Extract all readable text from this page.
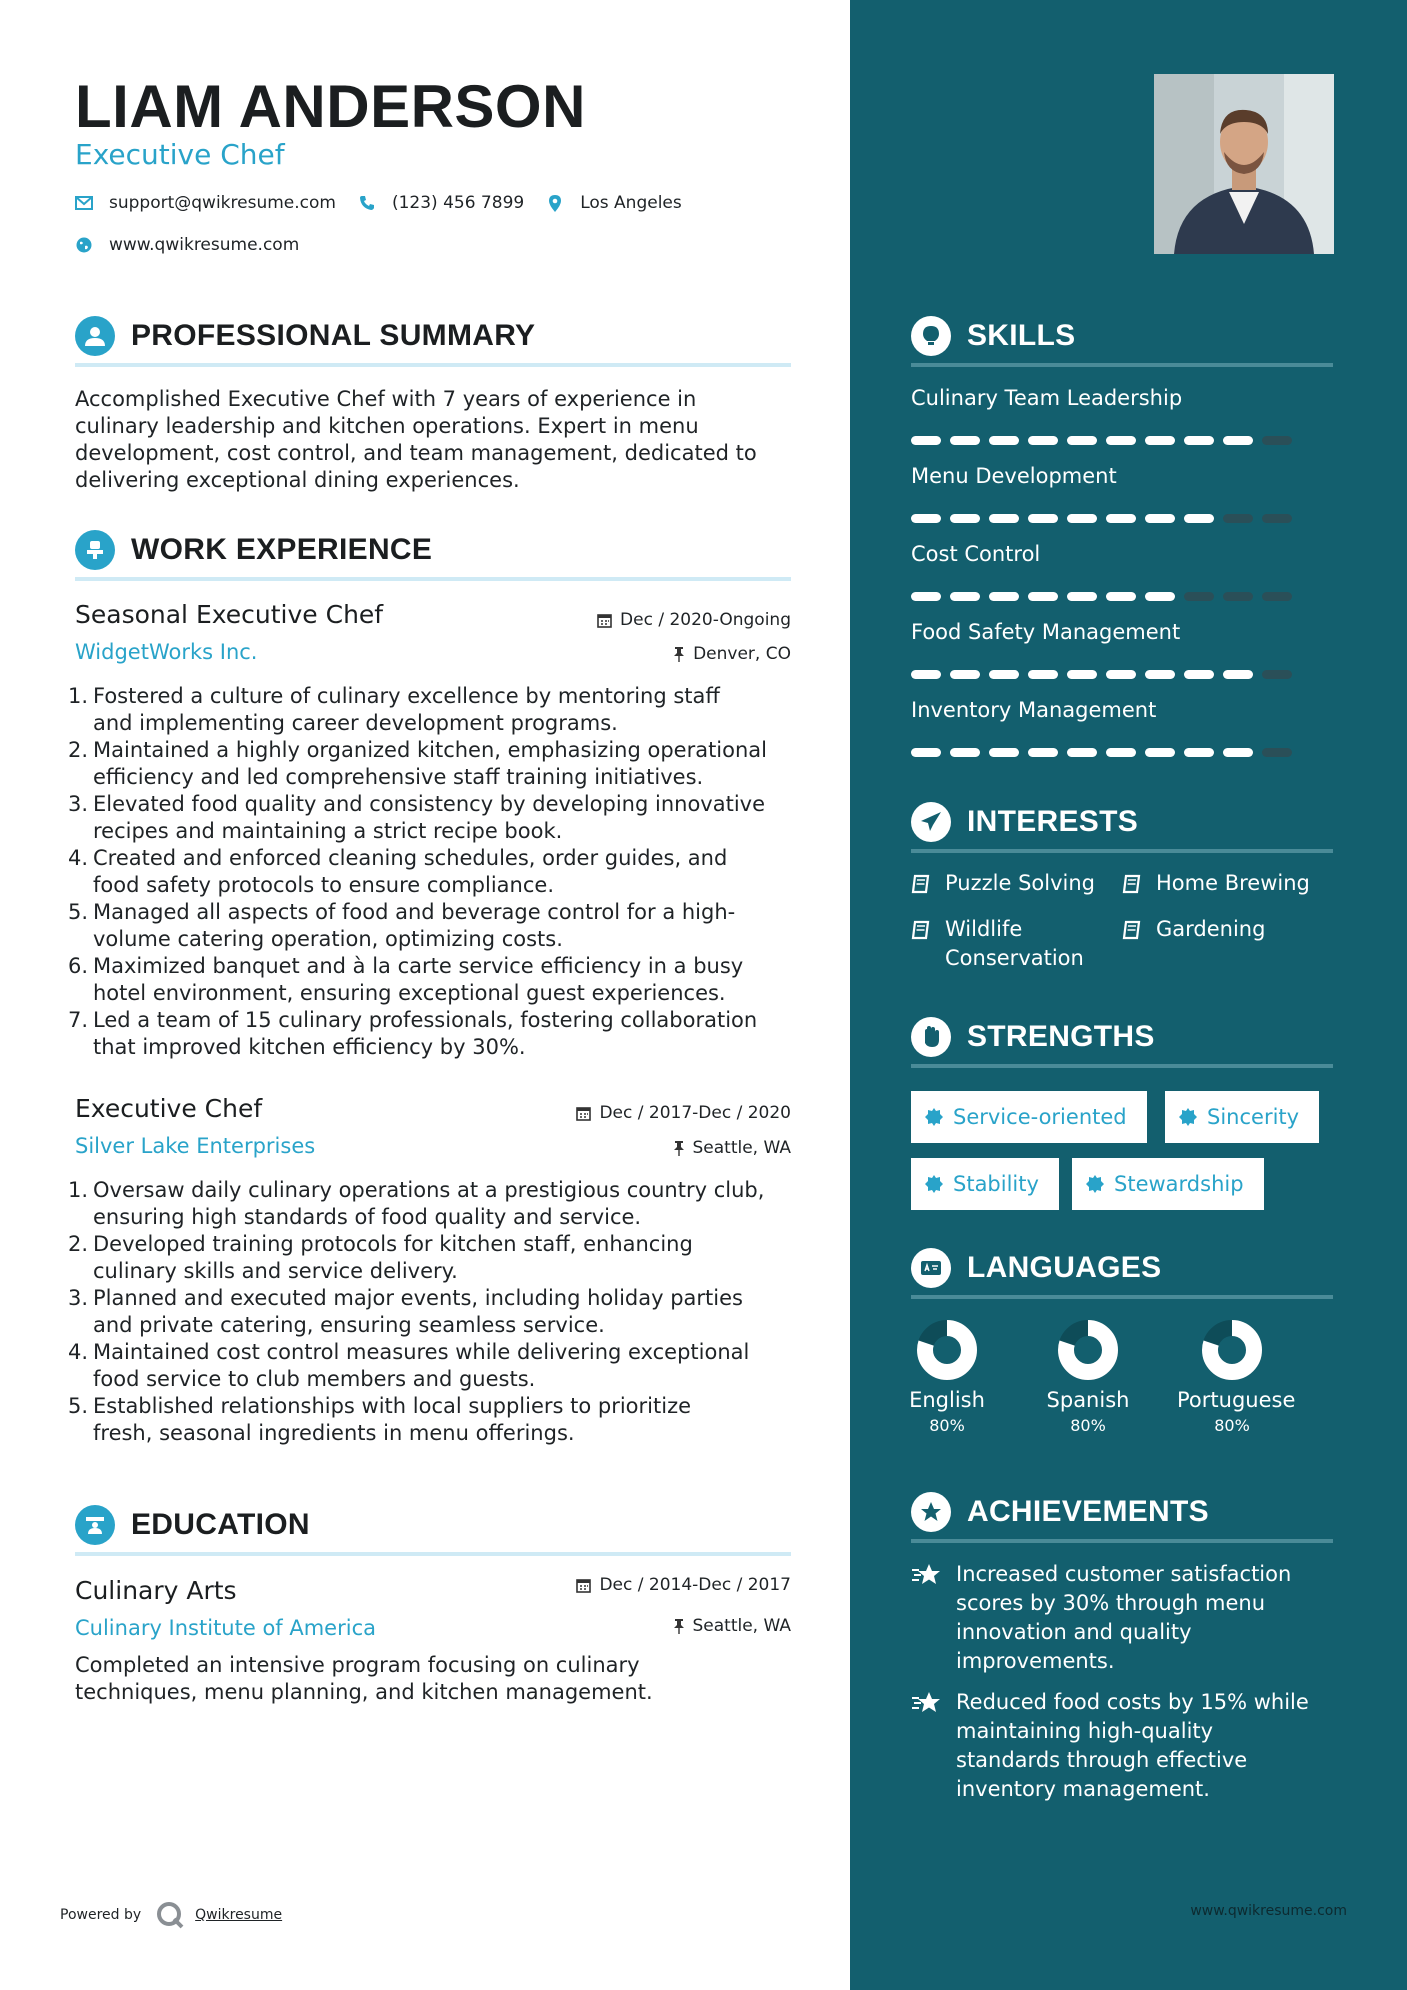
LIAM ANDERSON
Executive Chef
support@qwikresume.com	(123) 456 7899	Los Angeles
www.qwikresume.com
PROFESSIONAL SUMMARY
Accomplished Executive Chef with 7 years of experience in
culinary leadership and kitchen operations. Expert in menu
development, cost control, and team management, dedicated to
delivering exceptional dining experiences.
WORK EXPERIENCE
Seasonal Executive Chef
WidgetWorks Inc.
Dec / 2020-Ongoing
Denver, CO
1. Fostered a culture of culinary excellence by mentoring staff
and implementing career development programs.
2. Maintained a highly organized kitchen, emphasizing operational
efficiency and led comprehensive staff training initiatives.
3. Elevated food quality and consistency by developing innovative
recipes and maintaining a strict recipe book.
4. Created and enforced cleaning schedules, order guides, and
food safety protocols to ensure compliance.
5. Managed all aspects of food and beverage control for a high-
volume catering operation, optimizing costs.
6. Maximized banquet and à la carte service efficiency in a busy
hotel environment, ensuring exceptional guest experiences.
7. Led a team of 15 culinary professionals, fostering collaboration
that improved kitchen efficiency by 30%.
Executive Chef
Silver Lake Enterprises
Dec / 2017-Dec / 2020
Seattle, WA
1. Oversaw daily culinary operations at a prestigious country club,
ensuring high standards of food quality and service.
2. Developed training protocols for kitchen staff, enhancing
culinary skills and service delivery.
3. Planned and executed major events, including holiday parties
and private catering, ensuring seamless service.
4. Maintained cost control measures while delivering exceptional
food service to club members and guests.
5. Established relationships with local suppliers to prioritize
fresh, seasonal ingredients in menu offerings.
EDUCATION
Culinary Arts
Culinary Institute of America
Dec / 2014-Dec / 2017
Seattle, WA
Completed an intensive program focusing on culinary
techniques, menu planning, and kitchen management.
Powered by	Qwikresume
SKILLS
Culinary Team Leadership
Menu Development
Cost Control
Food Safety Management
Inventory Management
INTERESTS
Puzzle Solving	Home Brewing
Wildlife
Conservation
Gardening
STRENGTHS
Service-oriented	Sincerity
Stability	Stewardship
LANGUAGES
English
80%
Spanish
80%
Portuguese
80%
ACHIEVEMENTS
Increased customer satisfaction
scores by 30% through menu
innovation and quality
improvements.
Reduced food costs by 15% while
maintaining high-quality
standards through effective
inventory management.
www.qwikresume.com
